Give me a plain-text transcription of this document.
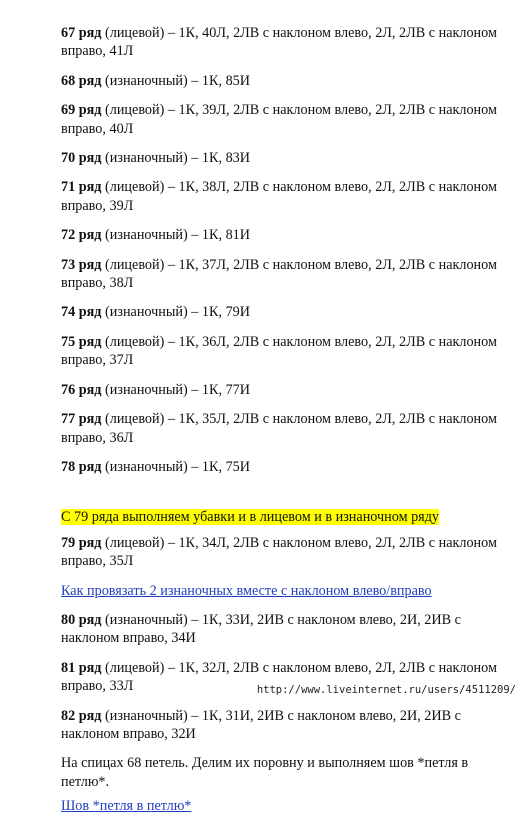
67 ряд (лицевой) – 1К, 40Л, 2ЛВ с наклоном влево, 2Л, 2ЛВ с наклоном вправо, 41Л
68 ряд (изнаночный) – 1К, 85И
69 ряд (лицевой) – 1К, 39Л, 2ЛВ с наклоном влево, 2Л, 2ЛВ с наклоном вправо, 40Л
70 ряд (изнаночный) – 1К, 83И
71 ряд (лицевой) – 1К, 38Л, 2ЛВ с наклоном влево, 2Л, 2ЛВ с наклоном вправо, 39Л
72 ряд (изнаночный) – 1К, 81И
73 ряд (лицевой) – 1К, 37Л, 2ЛВ с наклоном влево, 2Л, 2ЛВ с наклоном вправо, 38Л
74 ряд (изнаночный) – 1К, 79И
75 ряд (лицевой) – 1К, 36Л, 2ЛВ с наклоном влево, 2Л, 2ЛВ с наклоном вправо, 37Л
76 ряд (изнаночный) – 1К, 77И
77 ряд (лицевой) – 1К, 35Л, 2ЛВ с наклоном влево, 2Л, 2ЛВ с наклоном вправо, 36Л
78 ряд (изнаночный) – 1К, 75И
С 79 ряда выполняем убавки и в лицевом и в изнаночном ряду
79 ряд (лицевой) – 1К, 34Л, 2ЛВ с наклоном влево, 2Л, 2ЛВ с наклоном вправо, 35Л
Как провязать 2 изнаночных вместе с наклоном влево/вправо
80 ряд (изнаночный) – 1К, 33И, 2ИВ с наклоном влево, 2И, 2ИВ с наклоном вправо, 34И
81 ряд (лицевой) – 1К, 32Л, 2ЛВ с наклоном влево, 2Л, 2ЛВ с наклоном вправо, 33Л
82 ряд (изнаночный) – 1К, 31И, 2ИВ с наклоном влево, 2И, 2ИВ с наклоном вправо, 32И
На спицах 68 петель. Делим их поровну и выполняем шов *петля в петлю*.
Шов *петля в петлю*
http://www.liveinternet.ru/users/4511209/
